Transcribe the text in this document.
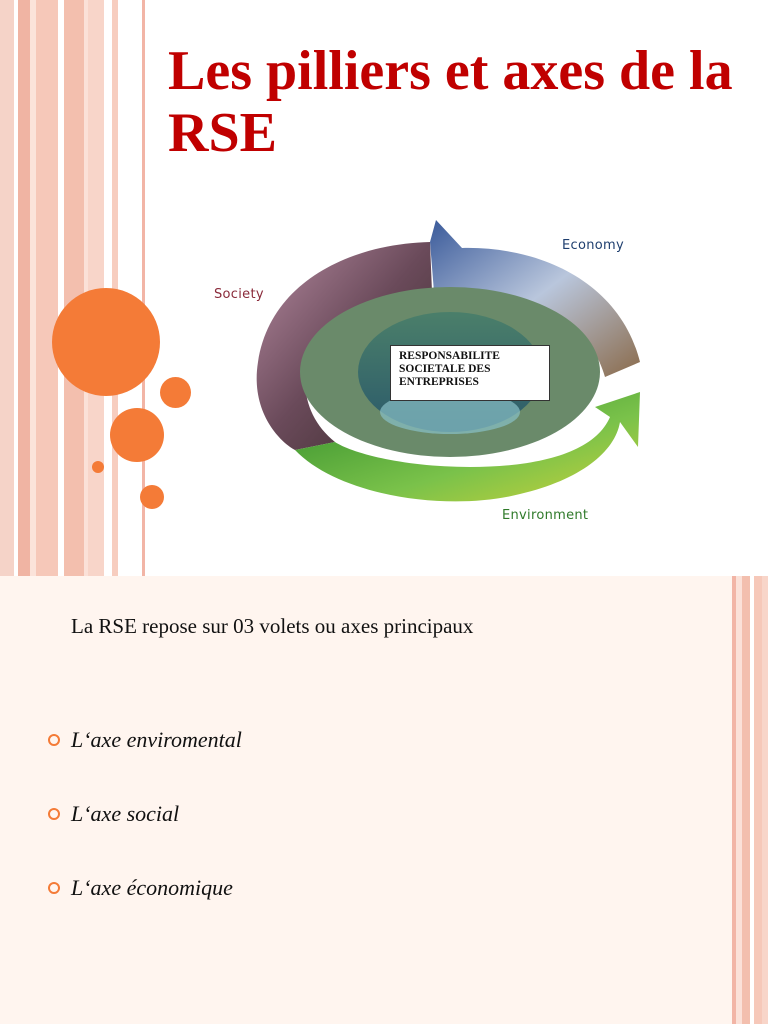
Les pilliers et axes de la RSE
Economy
Society
Environment
RESPONSABILITE SOCIETALE DES ENTREPRISES
La RSE repose sur 03 volets ou axes principaux
L‘axe enviromental
L‘axe social
L‘axe économique
